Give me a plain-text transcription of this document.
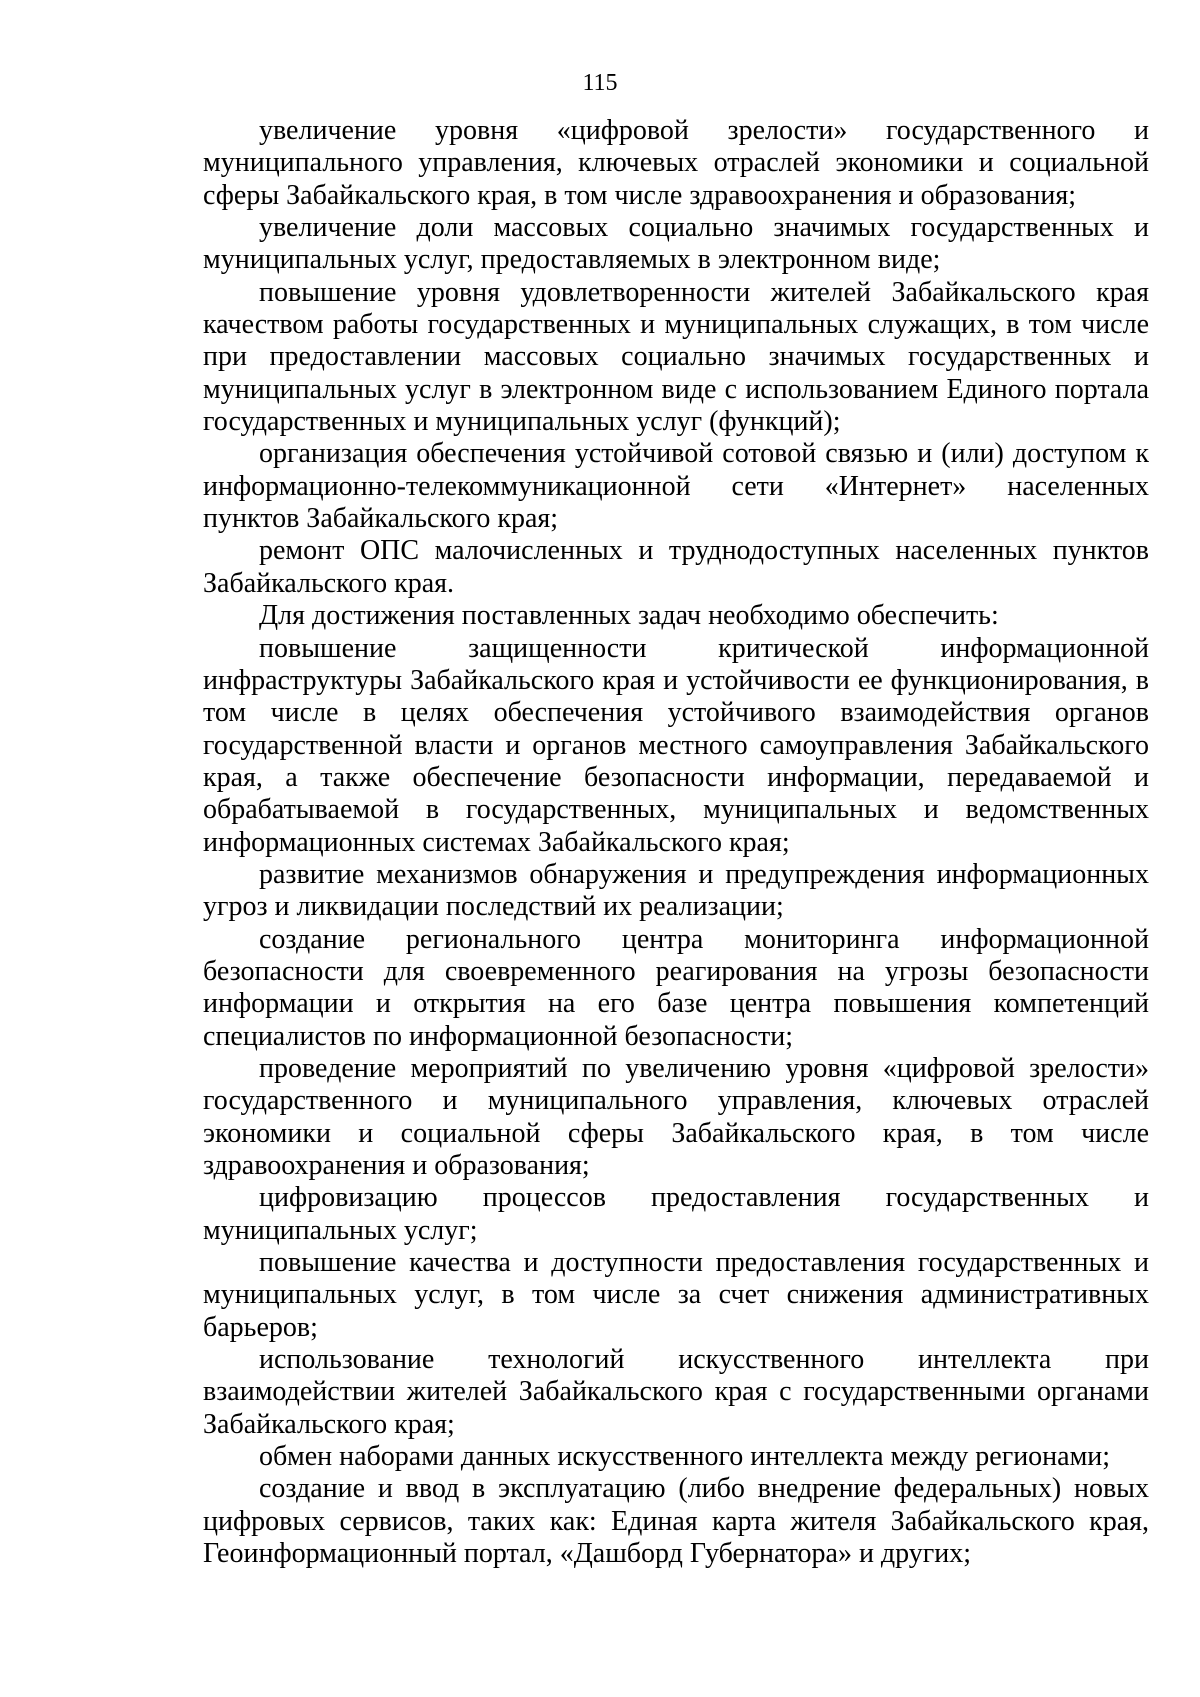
115

увеличение уровня «цифровой зрелости» государственного и муниципального управления, ключевых отраслей экономики и социальной сферы Забайкальского края, в том числе здравоохранения и образования;

увеличение доли массовых социально значимых государственных и муниципальных услуг, предоставляемых в электронном виде;

повышение уровня удовлетворенности жителей Забайкальского края качеством работы государственных и муниципальных служащих, в том числе при предоставлении массовых социально значимых государственных и муниципальных услуг в электронном виде с использованием Единого портала государственных и муниципальных услуг (функций);

организация обеспечения устойчивой сотовой связью и (или) доступом к информационно-телекоммуникационной сети «Интернет» населенных пунктов Забайкальского края;

ремонт ОПС малочисленных и труднодоступных населенных пунктов Забайкальского края.

Для достижения поставленных задач необходимо обеспечить:

повышение защищенности критической информационной инфраструктуры Забайкальского края и устойчивости ее функционирования, в том числе в целях обеспечения устойчивого взаимодействия органов государственной власти и органов местного самоуправления Забайкальского края, а также обеспечение безопасности информации, передаваемой и обрабатываемой в государственных, муниципальных и ведомственных информационных системах Забайкальского края;

развитие механизмов обнаружения и предупреждения информационных угроз и ликвидации последствий их реализации;

создание регионального центра мониторинга информационной безопасности для своевременного реагирования на угрозы безопасности информации и открытия на его базе центра повышения компетенций специалистов по информационной безопасности;

проведение мероприятий по увеличению уровня «цифровой зрелости» государственного и муниципального управления, ключевых отраслей экономики и социальной сферы Забайкальского края, в том числе здравоохранения и образования;

цифровизацию процессов предоставления государственных и муниципальных услуг;

повышение качества и доступности предоставления государственных и муниципальных услуг, в том числе за счет снижения административных барьеров;

использование технологий искусственного интеллекта при взаимодействии жителей Забайкальского края с государственными органами Забайкальского края;

обмен наборами данных искусственного интеллекта между регионами;

создание и ввод в эксплуатацию (либо внедрение федеральных) новых цифровых сервисов, таких как: Единая карта жителя Забайкальского края, Геоинформационный портал, «Дашборд Губернатора» и других;
